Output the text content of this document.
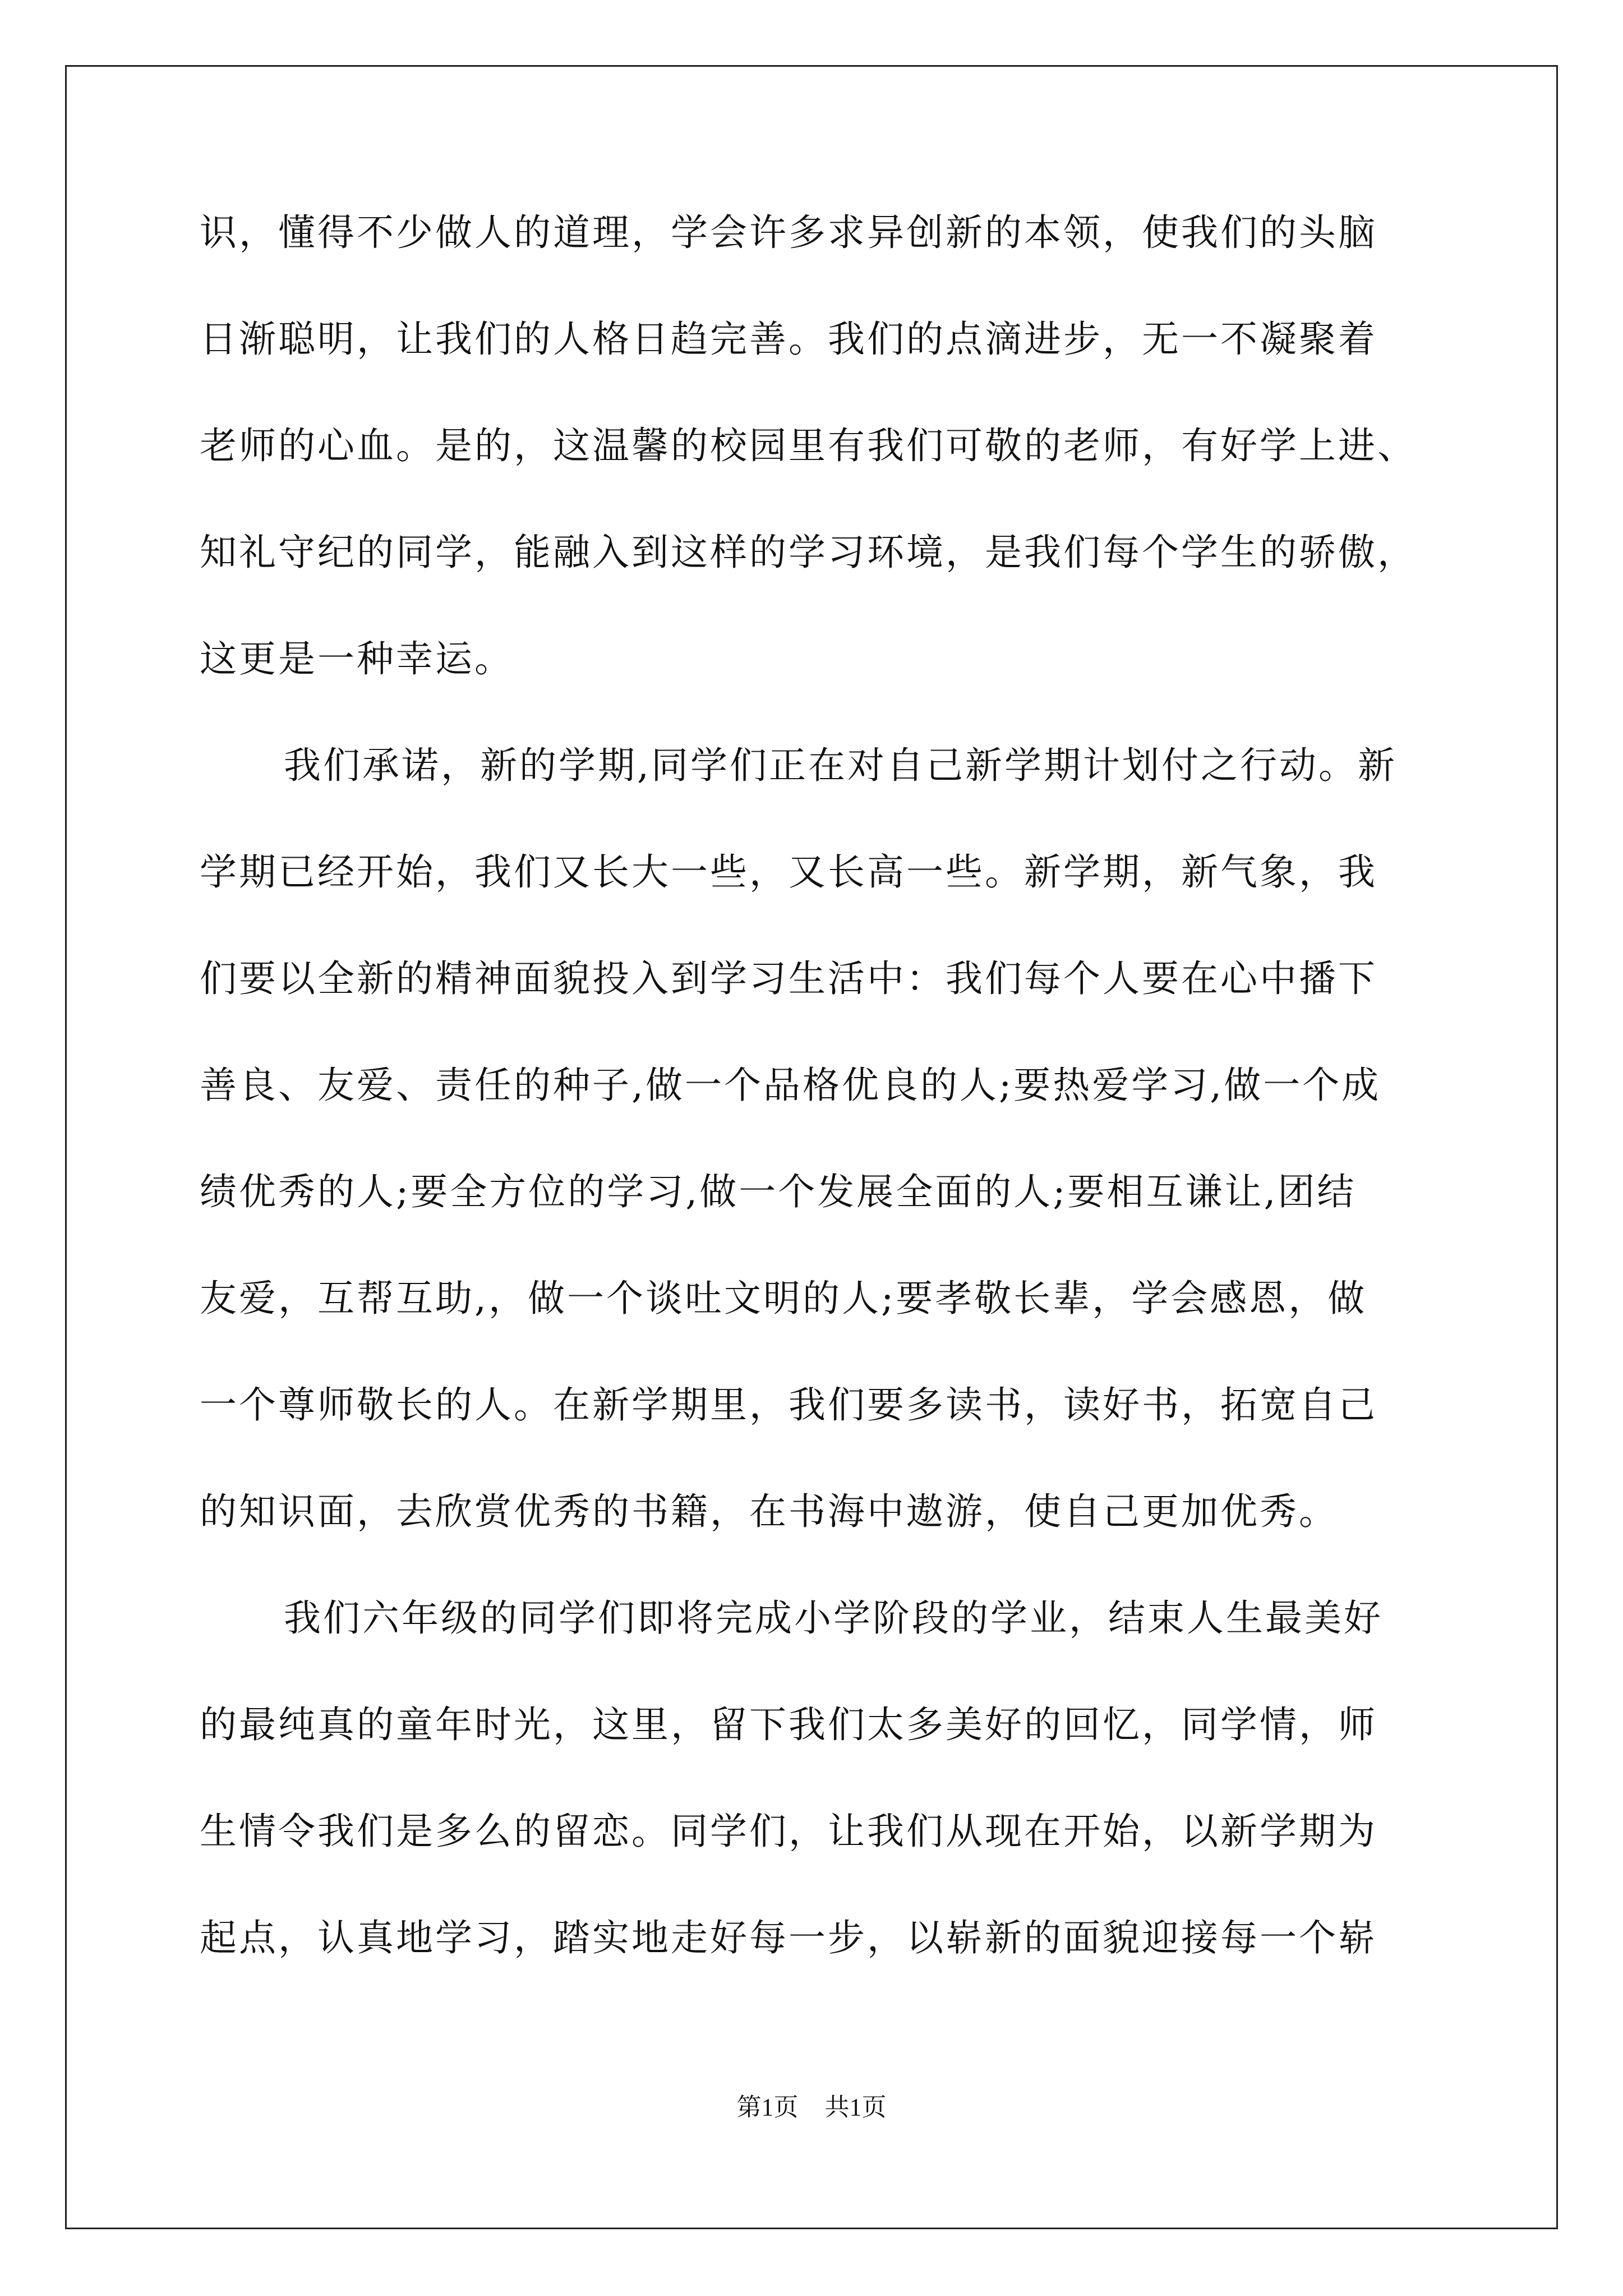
识，懂得不少做人的道理，学会许多求异创新的本领，使我们的头脑
日渐聪明，让我们的人格日趋完善。我们的点滴进步，无一不凝聚着
老师的心血。是的，这温馨的校园里有我们可敬的老师，有好学上进、
知礼守纪的同学，能融入到这样的学习环境，是我们每个学生的骄傲，
这更是一种幸运。
我们承诺，新的学期,同学们正在对自己新学期计划付之行动。新
学期已经开始，我们又长大一些，又长高一些。新学期，新气象，我
们要以全新的精神面貌投入到学习生活中：我们每个人要在心中播下
善良、友爱、责任的种子,做一个品格优良的人;要热爱学习,做一个成
绩优秀的人;要全方位的学习,做一个发展全面的人;要相互谦让,团结
友爱，互帮互助,，做一个谈吐文明的人;要孝敬长辈，学会感恩，做
一个尊师敬长的人。在新学期里，我们要多读书，读好书，拓宽自己
的知识面，去欣赏优秀的书籍，在书海中遨游，使自己更加优秀。
我们六年级的同学们即将完成小学阶段的学业，结束人生最美好
的最纯真的童年时光，这里，留下我们太多美好的回忆，同学情，师
生情令我们是多么的留恋。同学们，让我们从现在开始，以新学期为
起点，认真地学习，踏实地走好每一步，以崭新的面貌迎接每一个崭
第1页 共1页
